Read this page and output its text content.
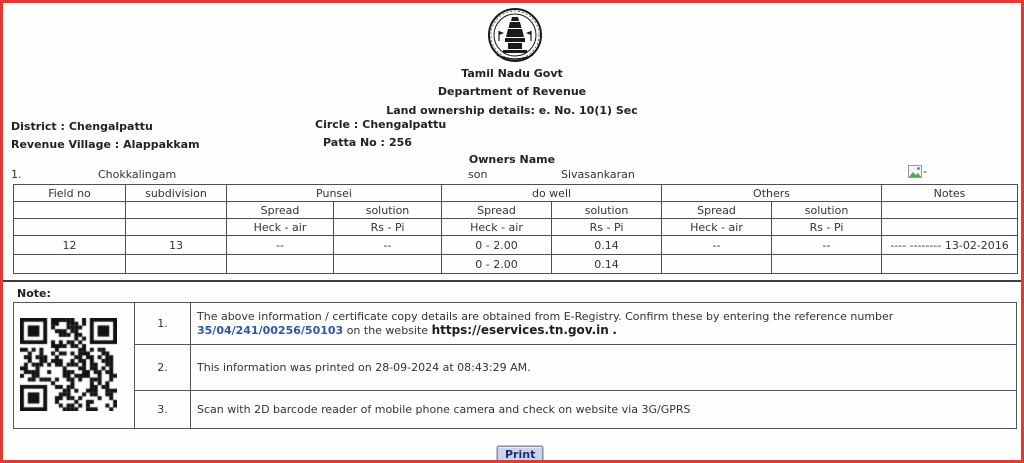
Tamil Nadu Govt
Department of Revenue
Land ownership details: e. No. 10(1) Sec
District : Chengalpattu	Circle : Chengalpattu
Revenue Village : Alappakkam	Patta No : 256
Owners Name
1.	Chokkalingam	son	Sivasankaran	-
Field no	subdivision	Punsei		do well		Others		Notes
		Spread	solution	Spread	solution	Spread	solution	
		Heck - air	Rs - Pi	Heck - air	Rs - Pi	Heck - air	Rs - Pi	
12	13	--	--	0 - 2.00	0.14	--	--	---- -------- 13-02-2016
				0 - 2.00	0.14			
Note:
	1.	The above information / certificate copy details are obtained from E-Registry. Confirm these by entering the reference number 35/04/241/00256/50103 on the website https://eservices.tn.gov.in .
	2.	This information was printed on 28-09-2024 at 08:43:29 AM.
	3.	Scan with 2D barcode reader of mobile phone camera and check on website via 3G/GPRS
Print
